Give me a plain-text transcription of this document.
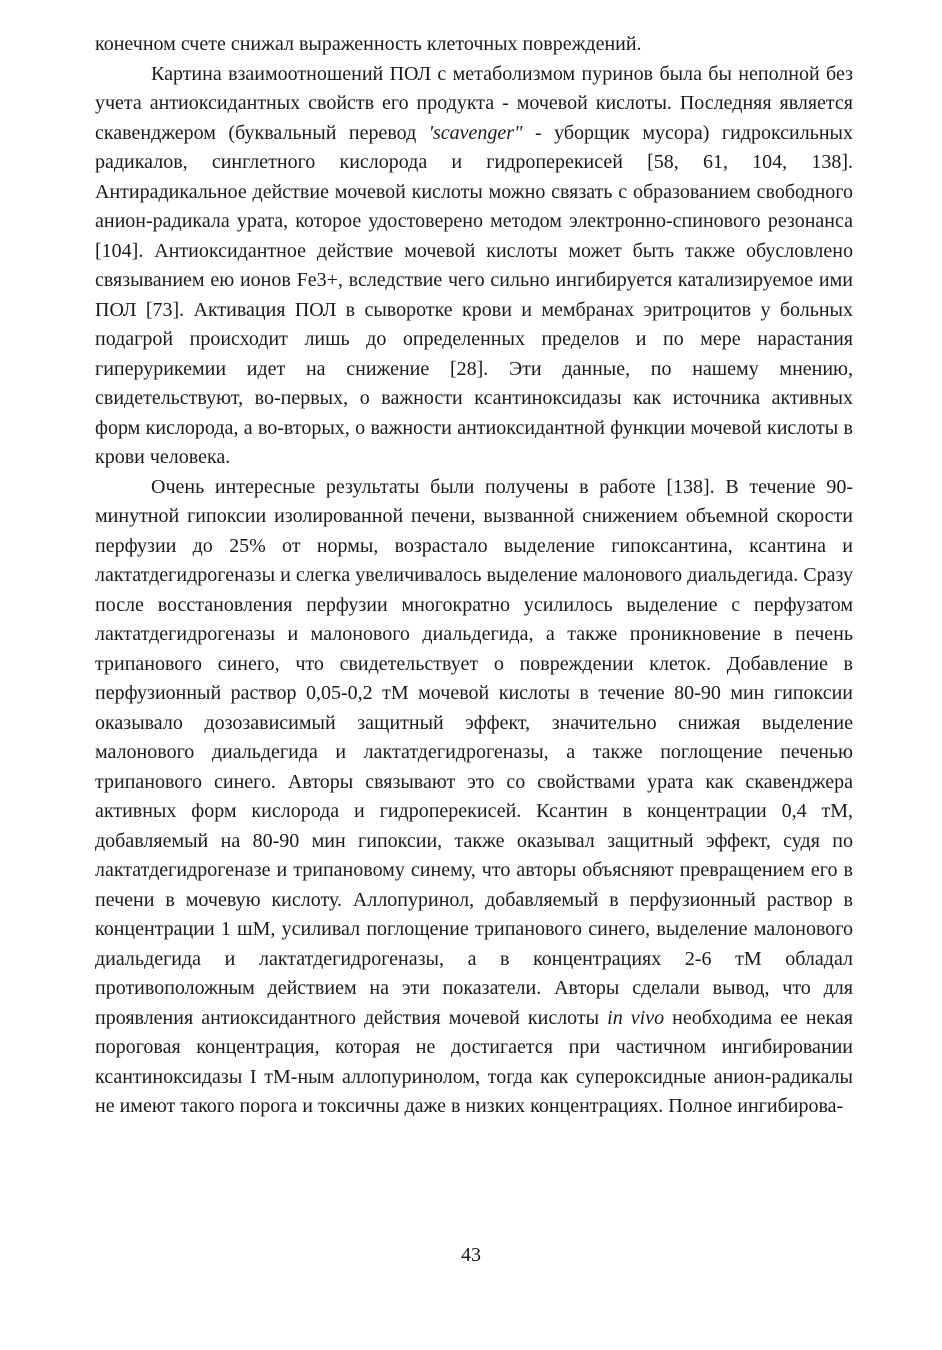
конечном счете снижал выраженность клеточных повреждений.

Картина взаимоотношений ПОЛ с метаболизмом пуринов была бы неполной без учета антиоксидантных свойств его продукта - мочевой кислоты. Последняя является скавенджером (буквальный перевод 'scavenger" - уборщик мусора) гидроксильных радикалов, синглетного кислорода и гидроперекисей [58, 61, 104, 138]. Антирадикальное действие мочевой кислоты можно связать с образованием свободного анион-радикала урата, которое удостоверено методом электронно-спинового резонанса [104]. Антиоксидантное действие мочевой кислоты может быть также обусловлено связыванием ею ионов Fe3+, вследствие чего сильно ингибируется катализируемое ими ПОЛ [73]. Активация ПОЛ в сыворотке крови и мембранах эритроцитов у больных подагрой происходит лишь до определенных пределов и по мере нарастания гиперурикемии идет на снижение [28]. Эти данные, по нашему мнению, свидетельствуют, во-первых, о важности ксантиноксидазы как источника активных форм кислорода, а во-вторых, о важности антиоксидантной функции мочевой кислоты в крови человека.

Очень интересные результаты были получены в работе [138]. В течение 90-минутной гипоксии изолированной печени, вызванной снижением объемной скорости перфузии до 25% от нормы, возрастало выделение гипоксантина, ксантина и лактатдегидрогеназы и слегка увеличивалось выделение малонового диальдегида. Сразу после восстановления перфузии многократно усилилось выделение с перфузатом лактатдегидрогеназы и малонового диальдегида, а также проникновение в печень трипанового синего, что свидетельствует о повреждении клеток. Добавление в перфузионный раствор 0,05-0,2 тМ мочевой кислоты в течение 80-90 мин гипоксии оказывало дозозависимый защитный эффект, значительно снижая выделение малонового диальдегида и лактатдегидрогеназы, а также поглощение печенью трипанового синего. Авторы связывают это со свойствами урата как скавенджера активных форм кислорода и гидроперекисей. Ксантин в концентрации 0,4 тМ, добавляемый на 80-90 мин гипоксии, также оказывал защитный эффект, судя по лактатдегидрогеназе и трипановому синему, что авторы объясняют превращением его в печени в мочевую кислоту. Аллопуринол, добавляемый в перфузионный раствор в концентрации 1 шМ, усиливал поглощение трипанового синего, выделение малонового диальдегида и лактатдегидрогеназы, а в концентрациях 2-6 тМ обладал противоположным действием на эти показатели. Авторы сделали вывод, что для проявления антиоксидантного действия мочевой кислоты in vivo необходима ее некая пороговая концентрация, которая не достигается при частичном ингибировании ксантиноксидазы I тМ-ным аллопуринолом, тогда как супероксидные анион-радикалы не имеют такого порога и токсичны даже в низких концентрациях. Полное ингибирова-

43
